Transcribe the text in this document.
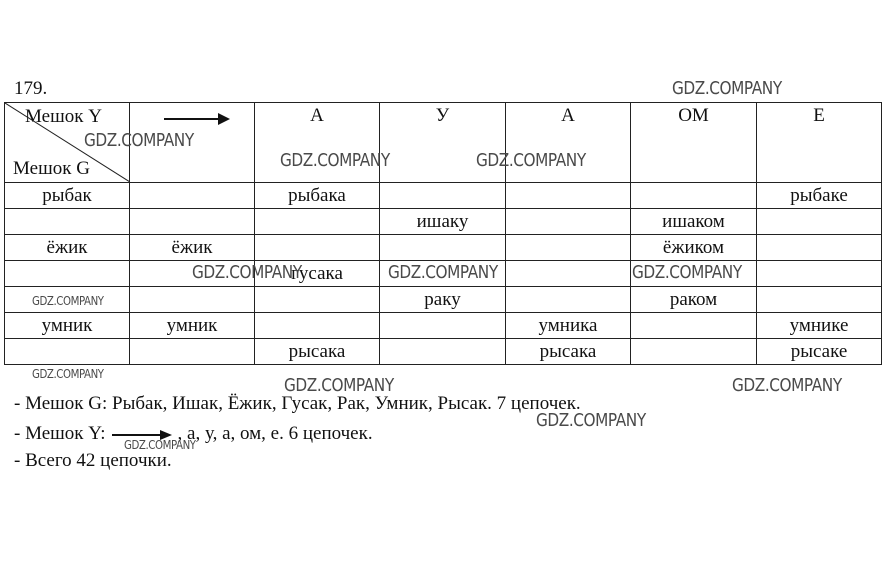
179.
Мешок Y
Мешок G		А	У	А	ОМ	Е
рыбак		рыбака				рыбаке
			ишаку		ишаком	
ёжик	ёжик				ёжиком	
		гусака				
			раку		раком	
умник	умник			умника		умнике
		рысака		рысака		рысаке
- Мешок G: Рыбак, Ишак, Ёжик, Гусак, Рак, Умник, Рысак. 7 цепочек.
- Мешок Y:	, а, у, а, ом, е. 6 цепочек.
- Всего 42 цепочки.
GDZ.COMPANY
GDZ.COMPANY
GDZ.COMPANY	GDZ.COMPANY
GDZ.COMPANY	GDZ.COMPANY	GDZ.COMPANY
GDZ.COMPANY
GDZ.COMPANY
GDZ.COMPANY	GDZ.COMPANY
GDZ.COMPANY
GDZ.COMPANY
